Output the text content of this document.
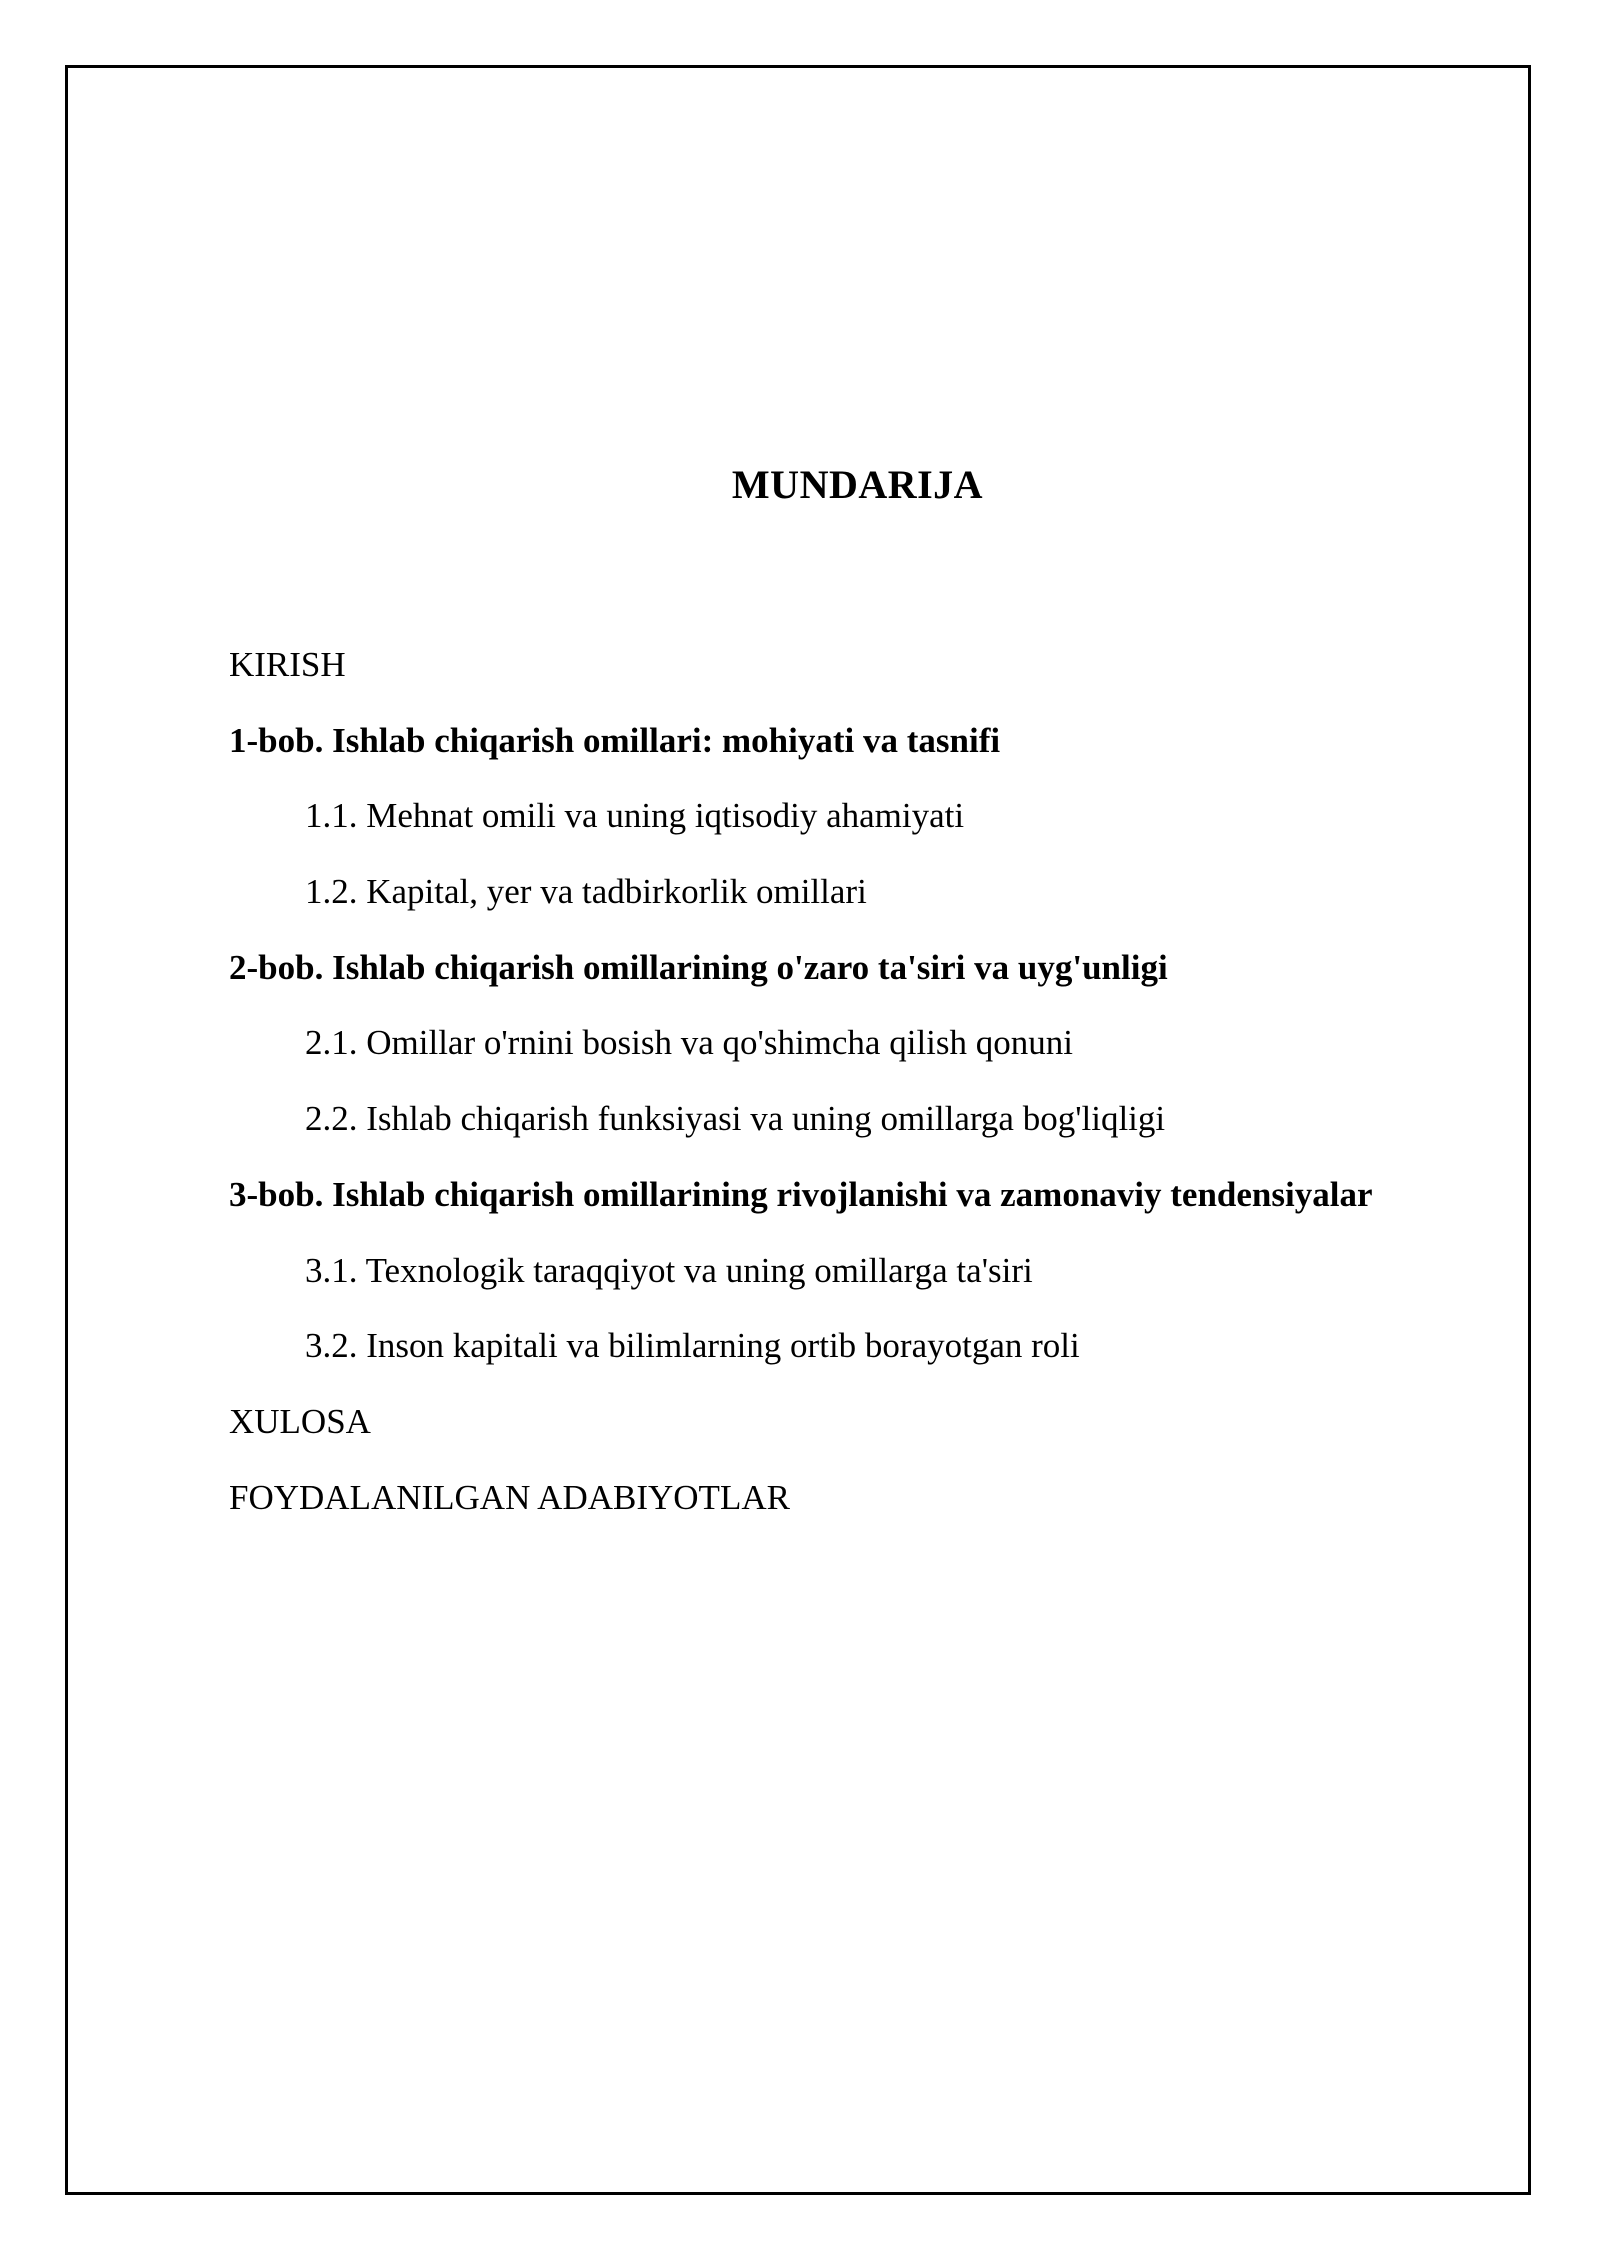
MUNDARIJA
KIRISH
1-bob. Ishlab chiqarish omillari: mohiyati va tasnifi
1.1. Mehnat omili va uning iqtisodiy ahamiyati
1.2. Kapital, yer va tadbirkorlik omillari
2-bob. Ishlab chiqarish omillarining o'zaro ta'siri va uyg'unligi
2.1. Omillar o'rnini bosish va qo'shimcha qilish qonuni
2.2. Ishlab chiqarish funksiyasi va uning omillarga bog'liqligi
3-bob. Ishlab chiqarish omillarining rivojlanishi va zamonaviy tendensiyalar
3.1. Texnologik taraqqiyot va uning omillarga ta'siri
3.2. Inson kapitali va bilimlarning ortib borayotgan roli
XULOSA
FOYDALANILGAN ADABIYOTLAR
